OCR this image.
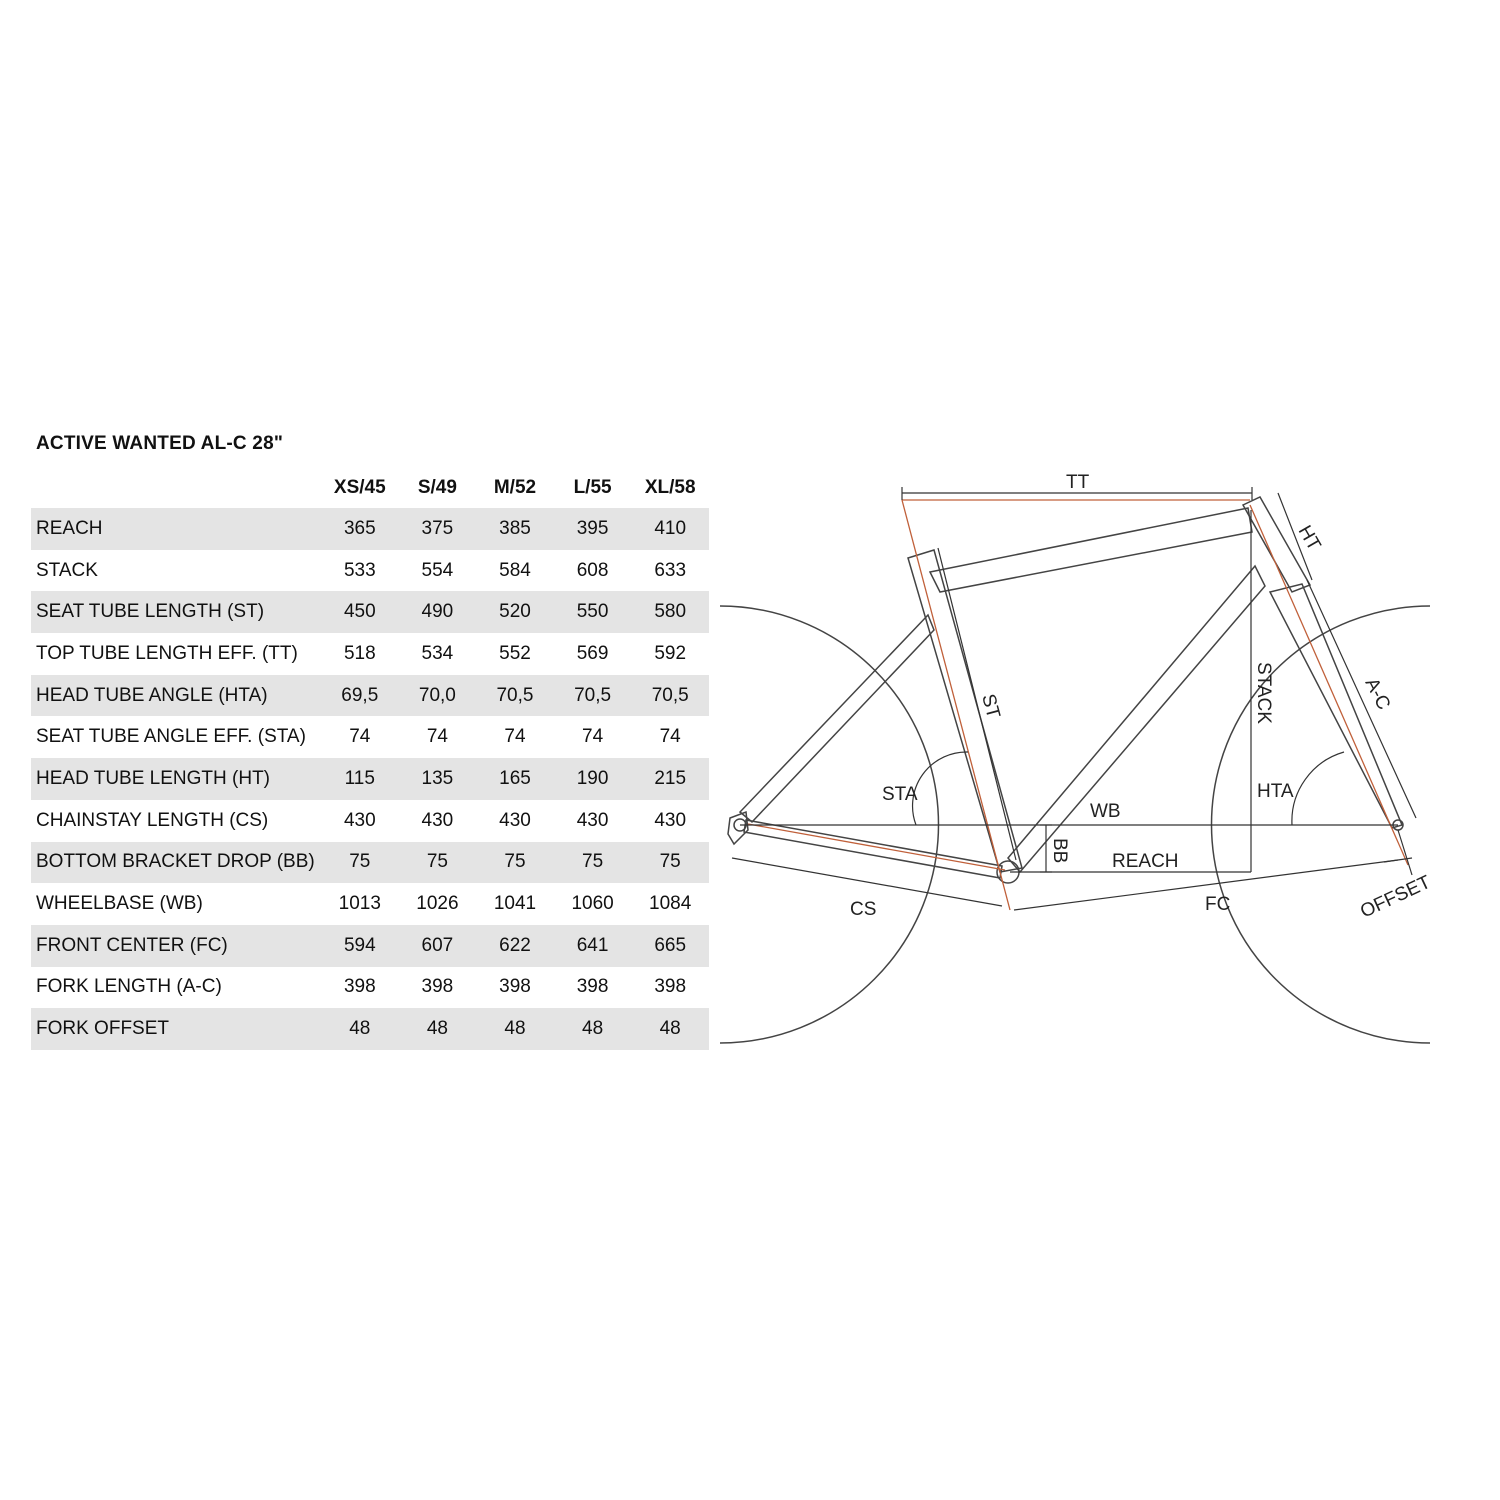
ACTIVE WANTED AL-C 28"
	XS/45	S/49	M/52	L/55	XL/58
REACH	365	375	385	395	410
STACK	533	554	584	608	633
SEAT TUBE LENGTH (ST)	450	490	520	550	580
TOP TUBE LENGTH EFF. (TT)	518	534	552	569	592
HEAD TUBE ANGLE (HTA)	69,5	70,0	70,5	70,5	70,5
SEAT TUBE ANGLE EFF. (STA)	74	74	74	74	74
HEAD TUBE LENGTH (HT)	115	135	165	190	215
CHAINSTAY LENGTH (CS)	430	430	430	430	430
BOTTOM BRACKET DROP (BB)	75	75	75	75	75
WHEELBASE (WB)	1013	1026	1041	1060	1084
FRONT CENTER (FC)	594	607	622	641	665
FORK LENGTH (A-C)	398	398	398	398	398
FORK OFFSET	48	48	48	48	48
TT
HT
ST	STACK	A-C
STA	HTA
WB
BB REACH
CS	FC	OFFSET
